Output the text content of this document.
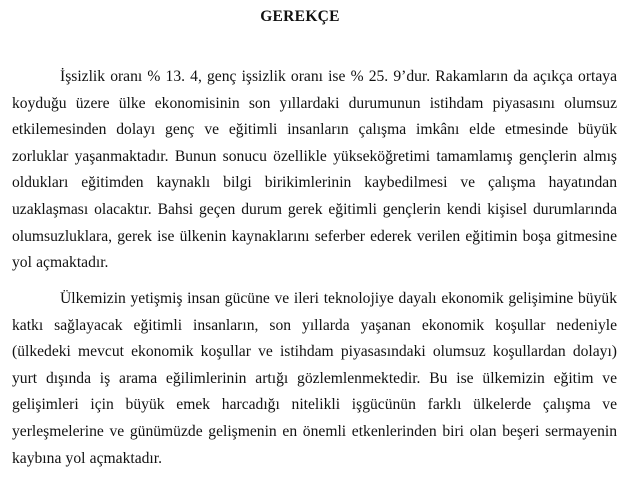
GEREKÇE

İşsizlik oranı % 13. 4, genç işsizlik oranı ise % 25. 9’dur. Rakamların da açıkça ortaya koyduğu üzere ülke ekonomisinin son yıllardaki durumunun istihdam piyasasını olumsuz etkilemesinden dolayı genç ve eğitimli insanların çalışma imkânı elde etmesinde büyük zorluklar yaşanmaktadır. Bunun sonucu özellikle yükseköğretimi tamamlamış gençlerin almış oldukları eğitimden kaynaklı bilgi birikimlerinin kaybedilmesi ve çalışma hayatından uzaklaşması olacaktır. Bahsi geçen durum gerek eğitimli gençlerin kendi kişisel durumlarında olumsuzluklara, gerek ise ülkenin kaynaklarını seferber ederek verilen eğitimin boşa gitmesine yol açmaktadır.

Ülkemizin yetişmiş insan gücüne ve ileri teknolojiye dayalı ekonomik gelişimine büyük katkı sağlayacak eğitimli insanların, son yıllarda yaşanan ekonomik koşullar nedeniyle (ülkedeki mevcut ekonomik koşullar ve istihdam piyasasındaki olumsuz koşullardan dolayı) yurt dışında iş arama eğilimlerinin artığı gözlemlenmektedir. Bu ise ülkemizin eğitim ve gelişimleri için büyük emek harcadığı nitelikli işgücünün farklı ülkelerde çalışma ve yerleşmelerine ve günümüzde gelişmenin en önemli etkenlerinden biri olan beşeri sermayenin kaybına yol açmaktadır.
